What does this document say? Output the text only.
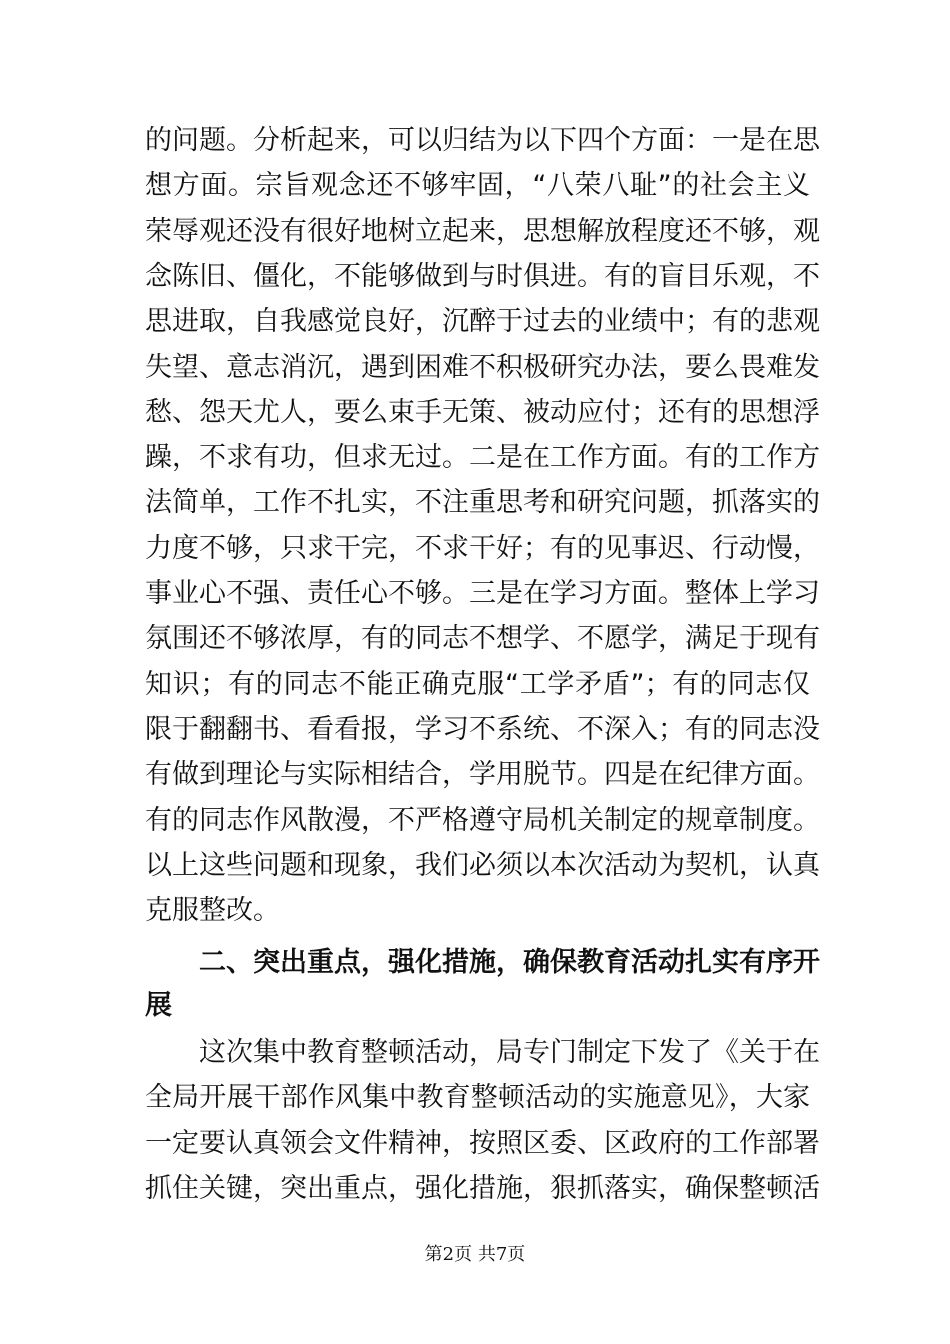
的问题。分析起来，可以归结为以下四个方面：一是在思
想方面。宗旨观念还不够牢固，“八荣八耻”的社会主义
荣辱观还没有很好地树立起来，思想解放程度还不够，观
念陈旧、僵化，不能够做到与时俱进。有的盲目乐观，不
思进取，自我感觉良好，沉醉于过去的业绩中；有的悲观
失望、意志消沉，遇到困难不积极研究办法，要么畏难发
愁、怨天尤人，要么束手无策、被动应付；还有的思想浮
躁，不求有功，但求无过。二是在工作方面。有的工作方
法简单，工作不扎实，不注重思考和研究问题，抓落实的
力度不够，只求干完，不求干好；有的见事迟、行动慢，
事业心不强、责任心不够。三是在学习方面。整体上学习
氛围还不够浓厚，有的同志不想学、不愿学，满足于现有
知识；有的同志不能正确克服“工学矛盾”；有的同志仅
限于翻翻书、看看报，学习不系统、不深入；有的同志没
有做到理论与实际相结合，学用脱节。四是在纪律方面。
有的同志作风散漫，不严格遵守局机关制定的规章制度。
以上这些问题和现象，我们必须以本次活动为契机，认真
克服整改。
　　二、突出重点，强化措施，确保教育活动扎实有序开
展
　　这次集中教育整顿活动，局专门制定下发了《关于在
全局开展干部作风集中教育整顿活动的实施意见》，大家
一定要认真领会文件精神，按照区委、区政府的工作部署
抓住关键，突出重点，强化措施，狠抓落实，确保整顿活
第2页 共7页
